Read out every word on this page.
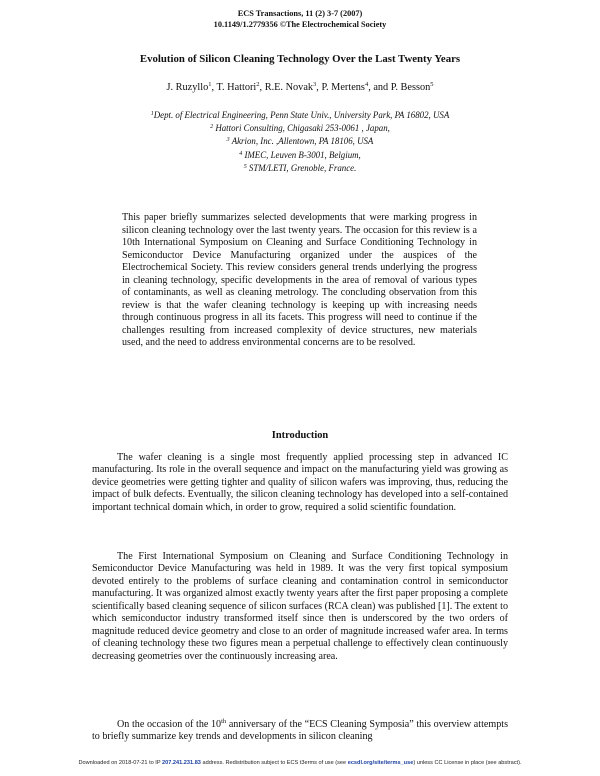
ECS Transactions, 11 (2) 3-7 (2007)
10.1149/1.2779356 ©The Electrochemical Society
Evolution of Silicon Cleaning Technology Over the Last Twenty Years
J. Ruzyllo$^1$, T. Hattori$^2$, R.E. Novak$^3$, P. Mertens$^4$, and P. Besson$^5$
$^1$Dept. of Electrical Engineering, Penn State Univ., University Park, PA 16802, USA
$^2$ Hattori Consulting, Chigasaki 253-0061 , Japan,
$^3$ Akrion, Inc. ,Allentown, PA 18106, USA
$^4$ IMEC, Leuven B-3001, Belgium,
$^5$ STM/LETI, Grenoble, France.
This paper briefly summarizes selected developments that were marking progress in silicon cleaning technology over the last twenty years. The occasion for this review is a 10th International Symposium on Cleaning and Surface Conditioning Technology in Semiconductor Device Manufacturing organized under the auspices of the Electrochemical Society. This review considers general trends underlying the progress in cleaning technology, specific developments in the area of removal of various types of contaminants, as well as cleaning metrology. The concluding observation from this review is that the wafer cleaning technology is keeping up with increasing needs through continuous progress in all its facets. This progress will need to continue if the challenges resulting from increased complexity of device structures, new materials used, and the need to address environmental concerns are to be resolved.
Introduction
The wafer cleaning is a single most frequently applied processing step in advanced IC manufacturing. Its role in the overall sequence and impact on the manufacturing yield was growing as device geometries were getting tighter and quality of silicon wafers was improving, thus, reducing the impact of bulk defects. Eventually, the silicon cleaning technology has developed into a self-contained important technical domain which, in order to grow, required a solid scientific foundation.
The First International Symposium on Cleaning and Surface Conditioning Technology in Semiconductor Device Manufacturing was held in 1989. It was the very first topical symposium devoted entirely to the problems of surface cleaning and contamination control in semiconductor manufacturing. It was organized almost exactly twenty years after the first paper proposing a complete scientifically based cleaning sequence of silicon surfaces (RCA clean) was published [1]. The extent to which semiconductor industry transformed itself since then is underscored by the two orders of magnitude reduced device geometry and close to an order of magnitude increased wafer area. In terms of cleaning technology these two figures mean a perpetual challenge to effectively clean continuously decreasing geometries over the continuously increasing area.
On the occasion of the 10th anniversary of the “ECS Cleaning Symposia” this overview attempts to briefly summarize key trends and developments in silicon cleaning
Downloaded on 2018-07-21 to IP 207.241.231.83 address. Redistribution subject to ECS t3erms of use (see ecsdl.org/site/terms_use) unless CC License in place (see abstract).
